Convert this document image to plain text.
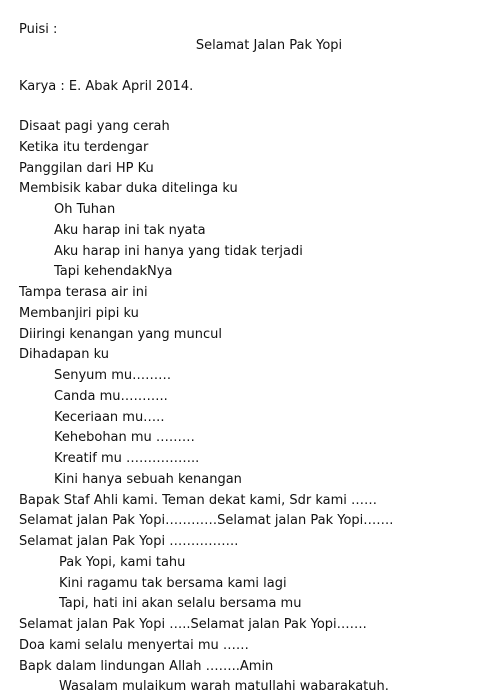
Puisi :
Selamat Jalan Pak Yopi
Karya : E. Abak April 2014.
Disaat pagi yang cerah
Ketika itu terdengar
Panggilan dari HP Ku
Membisik kabar duka ditelinga ku
Oh Tuhan
Aku harap ini tak nyata
Aku harap ini hanya yang tidak terjadi
Tapi kehendakNya
Tampa terasa air ini
Membanjiri pipi ku
Diiringi kenangan yang muncul
Dihadapan ku
Senyum mu………
Canda mu………..
Keceriaan mu…..
Kehebohan mu ………
Kreatif mu ……………..
Kini hanya sebuah kenangan
Bapak Staf Ahli kami. Teman dekat kami, Sdr kami ……
Selamat jalan Pak Yopi…………Selamat jalan Pak Yopi…….
Selamat jalan Pak Yopi …………….
Pak Yopi, kami tahu
Kini ragamu tak bersama kami lagi
Tapi, hati ini akan selalu bersama mu
Selamat jalan Pak Yopi …..Selamat jalan Pak Yopi…….
Doa kami selalu menyertai mu ……
Bapk dalam lindungan Allah ……..Amin
Wasalam mulaikum warah matullahi wabarakatuh.
